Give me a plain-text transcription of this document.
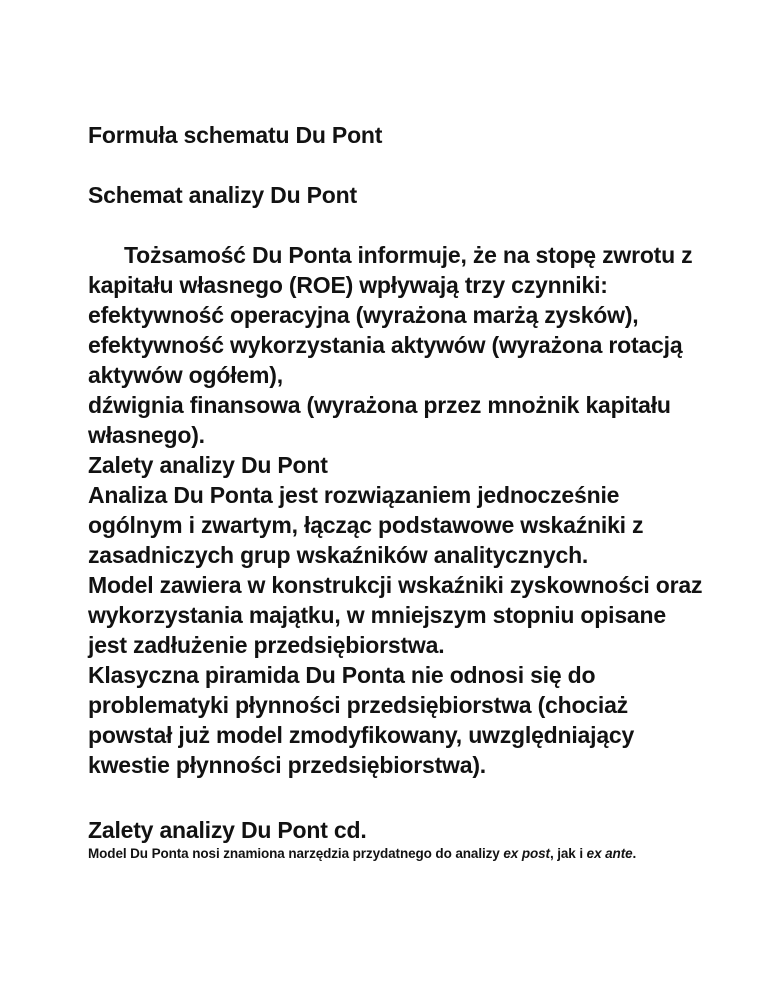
Formuła schematu Du Pont
Schemat analizy Du Pont
Tożsamość Du Ponta informuje, że na stopę zwrotu z
kapitału własnego (ROE) wpływają trzy czynniki:
efektywność operacyjna (wyrażona marżą zysków),
efektywność wykorzystania aktywów (wyrażona rotacją
aktywów ogółem),
dźwignia finansowa (wyrażona przez mnożnik kapitału
własnego).
Zalety analizy Du Pont
Analiza Du Ponta jest rozwiązaniem jednocześnie
ogólnym i zwartym, łącząc podstawowe wskaźniki z
zasadniczych grup wskaźników analitycznych.
Model zawiera w konstrukcji wskaźniki zyskowności oraz
wykorzystania majątku, w mniejszym stopniu opisane
jest zadłużenie przedsiębiorstwa.
Klasyczna piramida Du Ponta nie odnosi się do
problematyki płynności przedsiębiorstwa (chociaż
powstał już model zmodyfikowany, uwzględniający
kwestie płynności przedsiębiorstwa).
Zalety analizy Du Pont cd.
Model Du Ponta nosi znamiona narzędzia przydatnego do analizy ex post, jak i ex ante.
